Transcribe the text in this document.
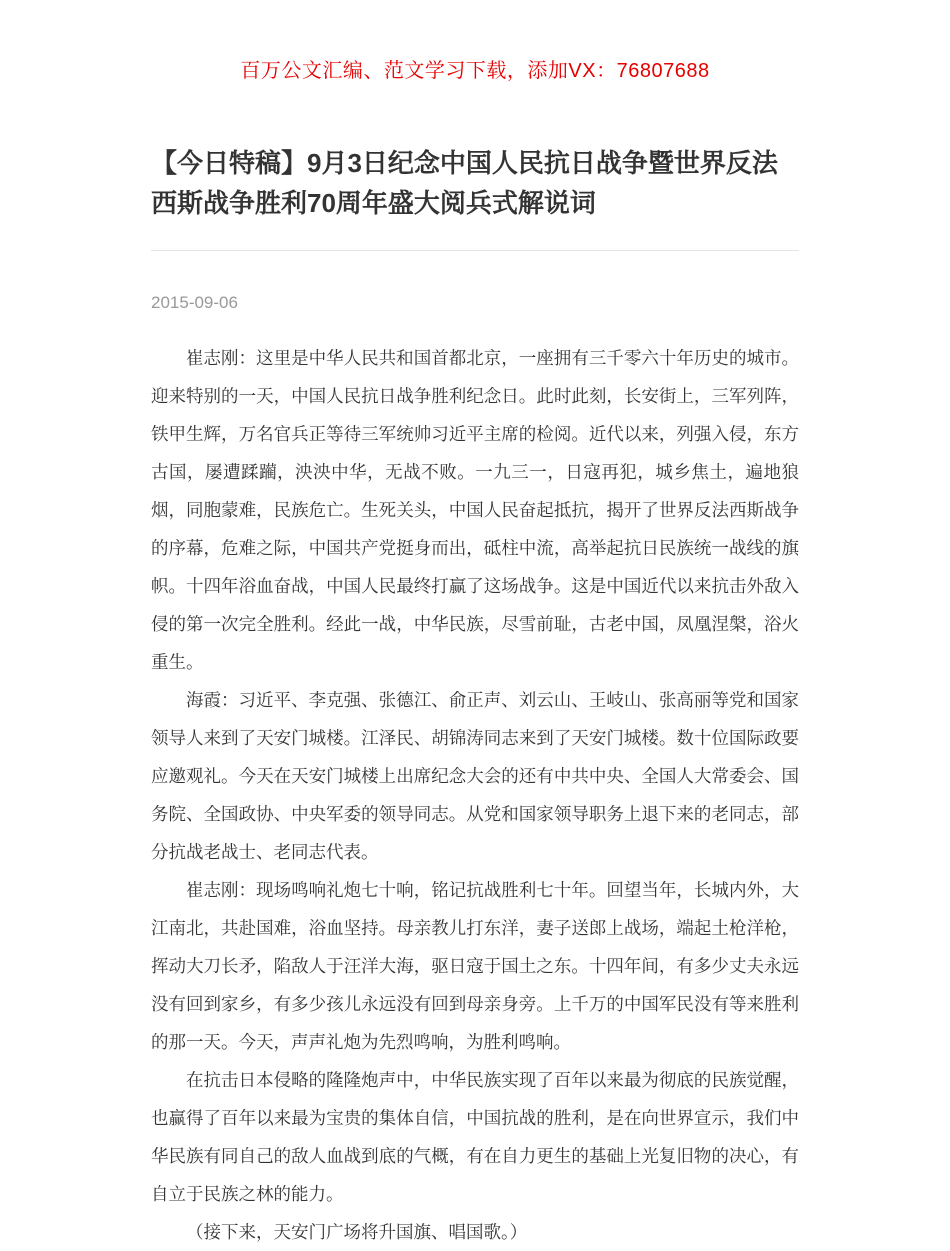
百万公文汇编、范文学习下载，添加VX：76807688
【今日特稿】9月3日纪念中国人民抗日战争暨世界反法西斯战争胜利70周年盛大阅兵式解说词
2015-09-06

崔志刚：这里是中华人民共和国首都北京，一座拥有三千零六十年历史的城市。迎来特别的一天，中国人民抗日战争胜利纪念日。此时此刻，长安街上，三军列阵，铁甲生辉，万名官兵正等待三军统帅习近平主席的检阅。近代以来，列强入侵，东方古国，屡遭蹂躏，泱泱中华，无战不败。一九三一，日寇再犯，城乡焦土，遍地狼烟，同胞蒙难，民族危亡。生死关头，中国人民奋起抵抗，揭开了世界反法西斯战争的序幕，危难之际，中国共产党挺身而出，砥柱中流，高举起抗日民族统一战线的旗帜。十四年浴血奋战，中国人民最终打赢了这场战争。这是中国近代以来抗击外敌入侵的第一次完全胜利。经此一战，中华民族，尽雪前耻，古老中国，凤凰涅槃，浴火重生。

海霞：习近平、李克强、张德江、俞正声、刘云山、王岐山、张高丽等党和国家领导人来到了天安门城楼。江泽民、胡锦涛同志来到了天安门城楼。数十位国际政要应邀观礼。今天在天安门城楼上出席纪念大会的还有中共中央、全国人大常委会、国务院、全国政协、中央军委的领导同志。从党和国家领导职务上退下来的老同志，部分抗战老战士、老同志代表。

崔志刚：现场鸣响礼炮七十响，铭记抗战胜利七十年。回望当年，长城内外，大江南北，共赴国难，浴血坚持。母亲教儿打东洋，妻子送郎上战场，端起土枪洋枪，挥动大刀长矛，陷敌人于汪洋大海，驱日寇于国土之东。十四年间，有多少丈夫永远没有回到家乡，有多少孩儿永远没有回到母亲身旁。上千万的中国军民没有等来胜利的那一天。今天，声声礼炮为先烈鸣响，为胜利鸣响。

在抗击日本侵略的隆隆炮声中，中华民族实现了百年以来最为彻底的民族觉醒，也赢得了百年以来最为宝贵的集体自信，中国抗战的胜利，是在向世界宣示，我们中华民族有同自己的敌人血战到底的气概，有在自力更生的基础上光复旧物的决心，有自立于民族之林的能力。

（接下来，天安门广场将升国旗、唱国歌。）
